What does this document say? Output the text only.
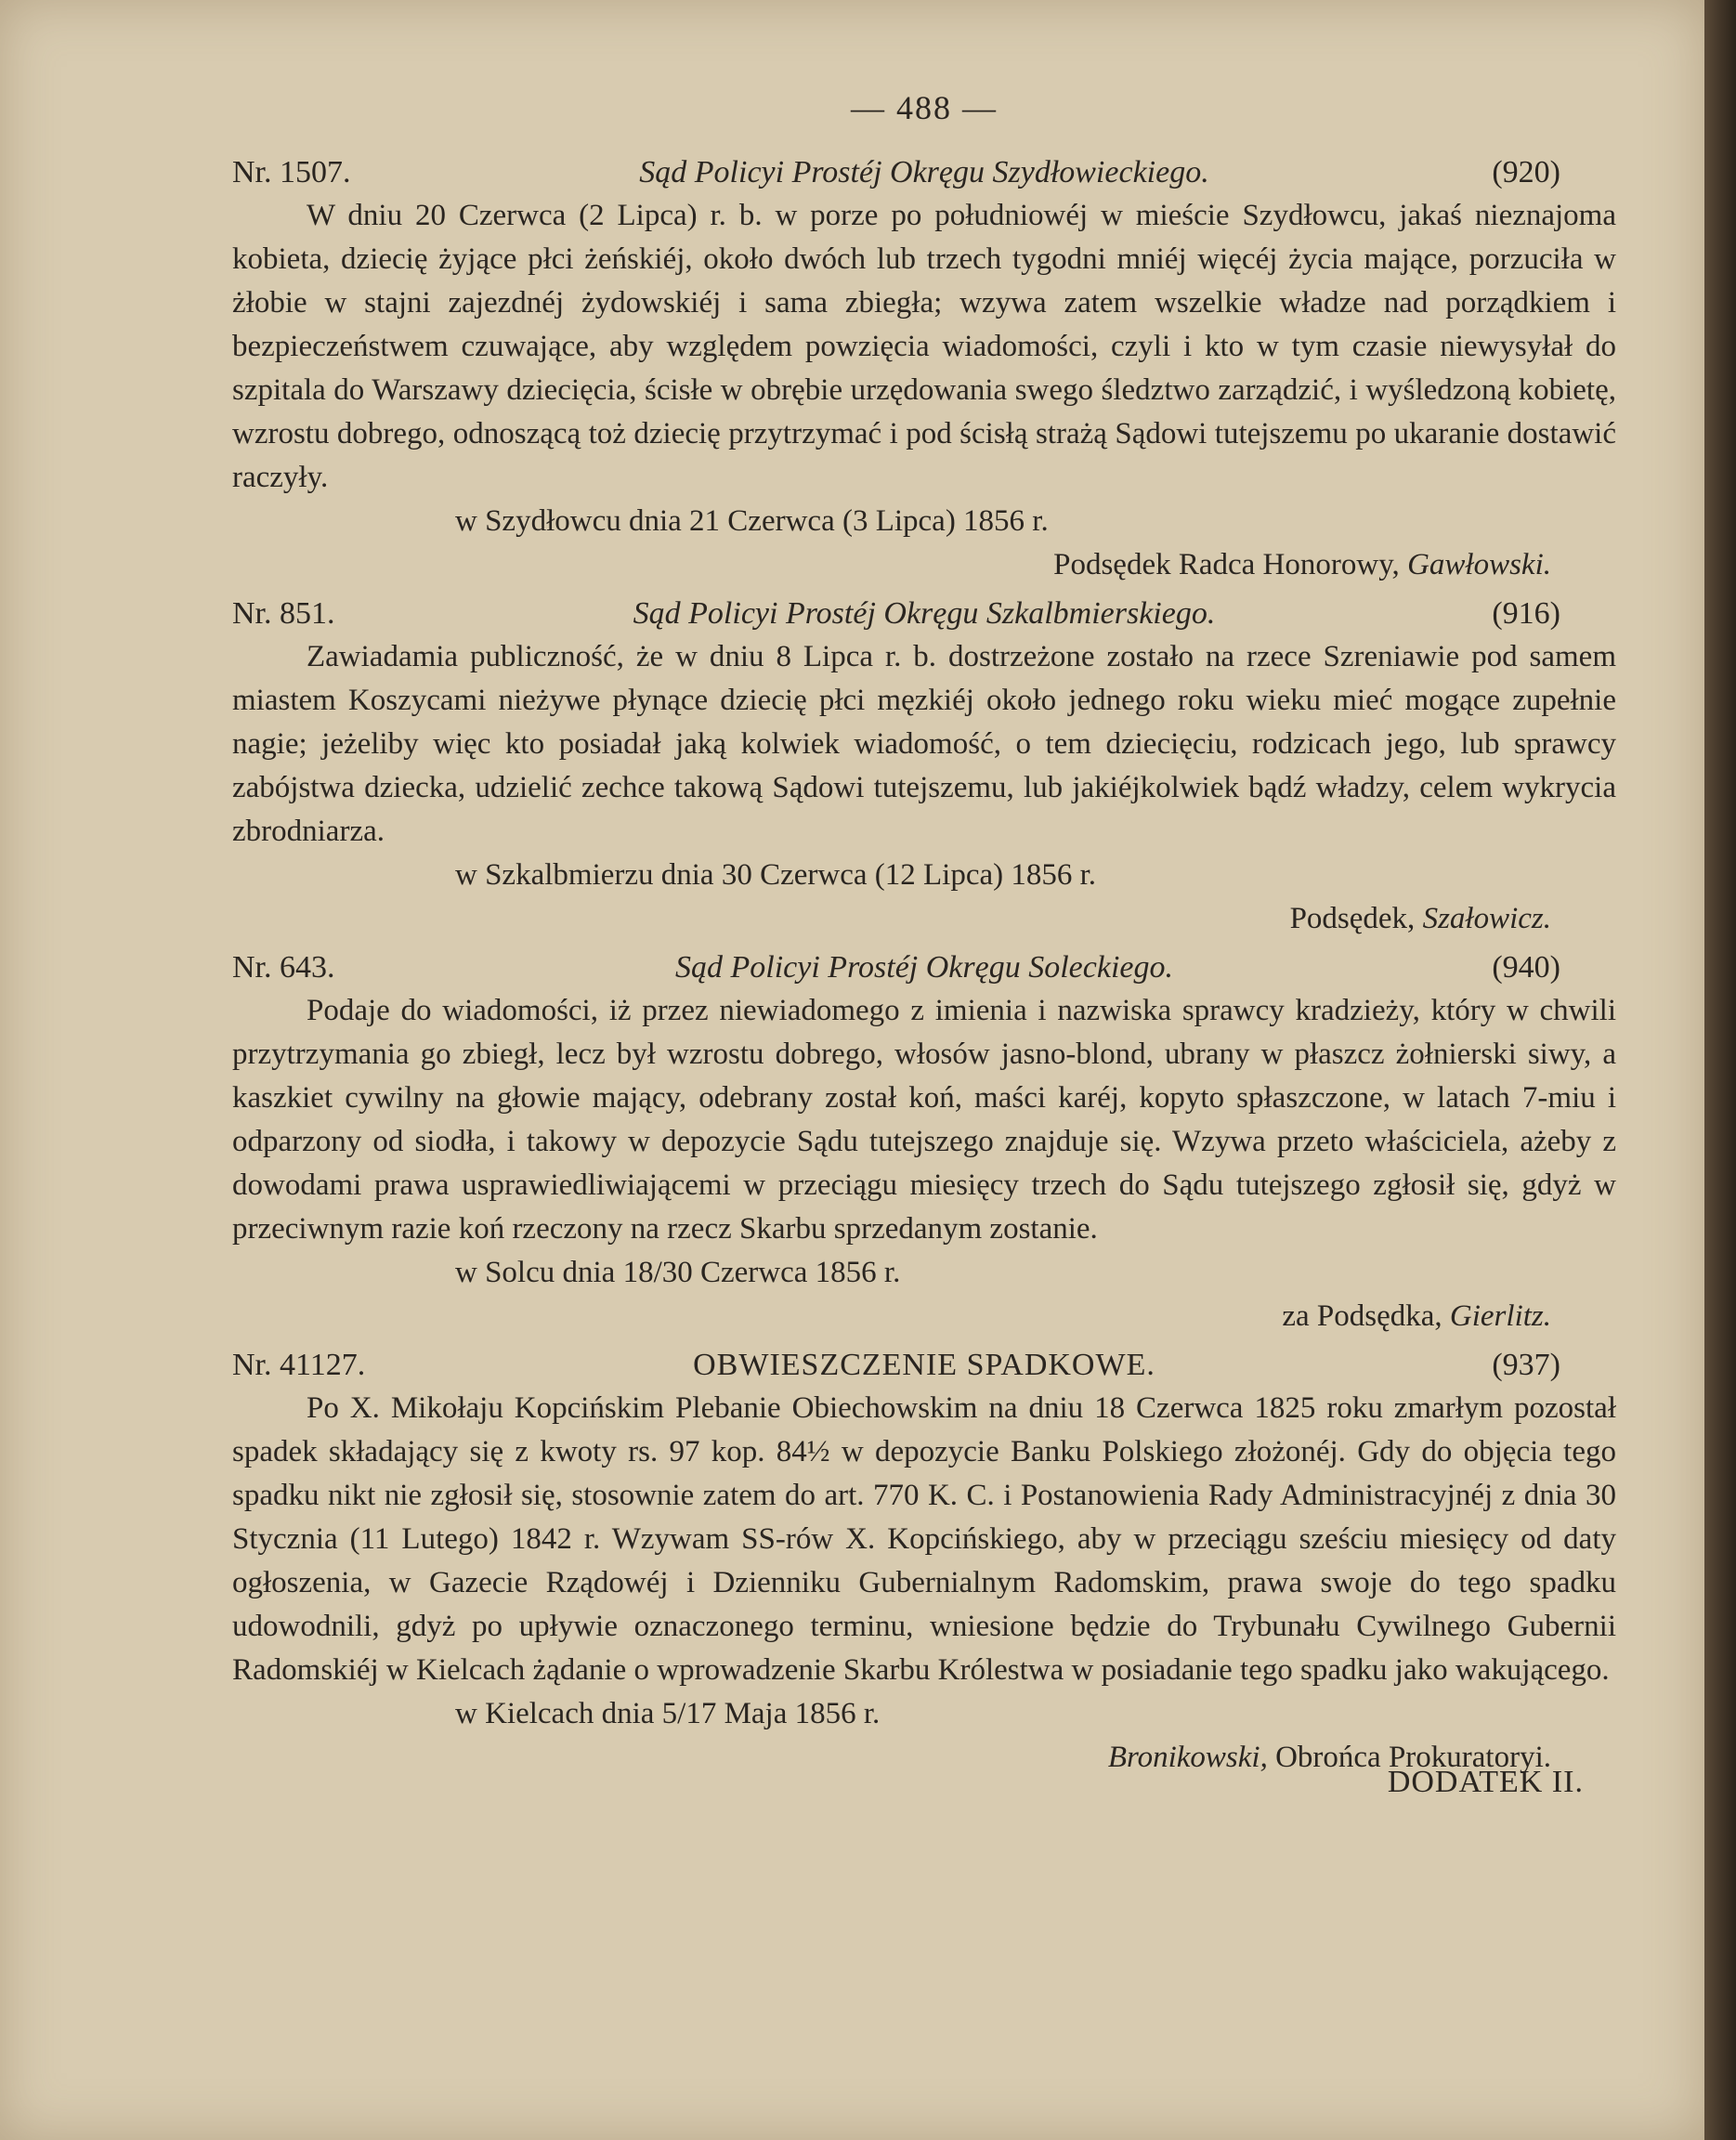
— 488 —
Nr. 1507.	Sąd Policyi Prostéj Okręgu Szydłowieckiego.	(920)

W dniu 20 Czerwca (2 Lipca) r. b. w porze po południowéj w mieście Szydłowcu, jakaś nieznajoma kobieta, dziecię żyjące płci żeńskiéj, około dwóch lub trzech tygodni mniéj więcéj życia mające, porzuciła w żłobie w stajni zajezdnéj żydowskiéj i sama zbiegła; wzywa zatem wszelkie władze nad porządkiem i bezpieczeństwem czuwające, aby względem powzięcia wiadomości, czyli i kto w tym czasie niewysyłał do szpitala do Warszawy dziecięcia, ścisłe w obrębie urzędowania swego śledztwo zarządzić, i wyśledzoną kobietę, wzrostu dobrego, odnoszącą toż dziecię przytrzymać i pod ścisłą strażą Sądowi tutejszemu po ukaranie dostawić raczyły.

w Szydłowcu dnia 21 Czerwca (3 Lipca) 1856 r.

Podsędek Radca Honorowy, Gawłowski.

Nr. 851.	Sąd Policyi Prostéj Okręgu Szkalbmierskiego.	(916)

Zawiadamia publiczność, że w dniu 8 Lipca r. b. dostrzeżone zostało na rzece Szreniawie pod samem miastem Koszycami nieżywe płynące dziecię płci męzkiéj około jednego roku wieku mieć mogące zupełnie nagie; jeżeliby więc kto posiadał jaką kolwiek wiadomość, o tem dziecięciu, rodzicach jego, lub sprawcy zabójstwa dziecka, udzielić zechce takową Sądowi tutejszemu, lub jakiéjkolwiek bądź władzy, celem wykrycia zbrodniarza.

w Szkalbmierzu dnia 30 Czerwca (12 Lipca) 1856 r.

Podsędek, Szałowicz.

Nr. 643.	Sąd Policyi Prostéj Okręgu Soleckiego.	(940)

Podaje do wiadomości, iż przez niewiadomego z imienia i nazwiska sprawcy kradzieży, który w chwili przytrzymania go zbiegł, lecz był wzrostu dobrego, włosów jasno-blond, ubrany w płaszcz żołnierski siwy, a kaszkiet cywilny na głowie mający, odebrany został koń, maści karéj, kopyto spłaszczone, w latach 7-miu i odparzony od siodła, i takowy w depozycie Sądu tutejszego znajduje się. Wzywa przeto właściciela, ażeby z dowodami prawa usprawiedliwiającemi w przeciągu miesięcy trzech do Sądu tutejszego zgłosił się, gdyż w przeciwnym razie koń rzeczony na rzecz Skarbu sprzedanym zostanie.

w Solcu dnia 18/30 Czerwca 1856 r.

za Podsędka, Gierlitz.

Nr. 41127.	OBWIESZCZENIE SPADKOWE.	(937)

Po X. Mikołaju Kopcińskim Plebanie Obiechowskim na dniu 18 Czerwca 1825 roku zmarłym pozostał spadek składający się z kwoty rs. 97 kop. 84½ w depozycie Banku Polskiego złożonéj. Gdy do objęcia tego spadku nikt nie zgłosił się, stosownie zatem do art. 770 K. C. i Postanowienia Rady Administracyjnéj z dnia 30 Stycznia (11 Lutego) 1842 r. Wzywam SS-rów X. Kopcińskiego, aby w przeciągu sześciu miesięcy od daty ogłoszenia, w Gazecie Rządowéj i Dzienniku Gubernialnym Radomskim, prawa swoje do tego spadku udowodnili, gdyż po upływie oznaczonego terminu, wniesione będzie do Trybunału Cywilnego Gubernii Radomskiéj w Kielcach żądanie o wprowadzenie Skarbu Królestwa w posiadanie tego spadku jako wakującego.

w Kielcach dnia 5/17 Maja 1856 r.

Bronikowski, Obrońca Prokuratoryi.

DODATEK II.
